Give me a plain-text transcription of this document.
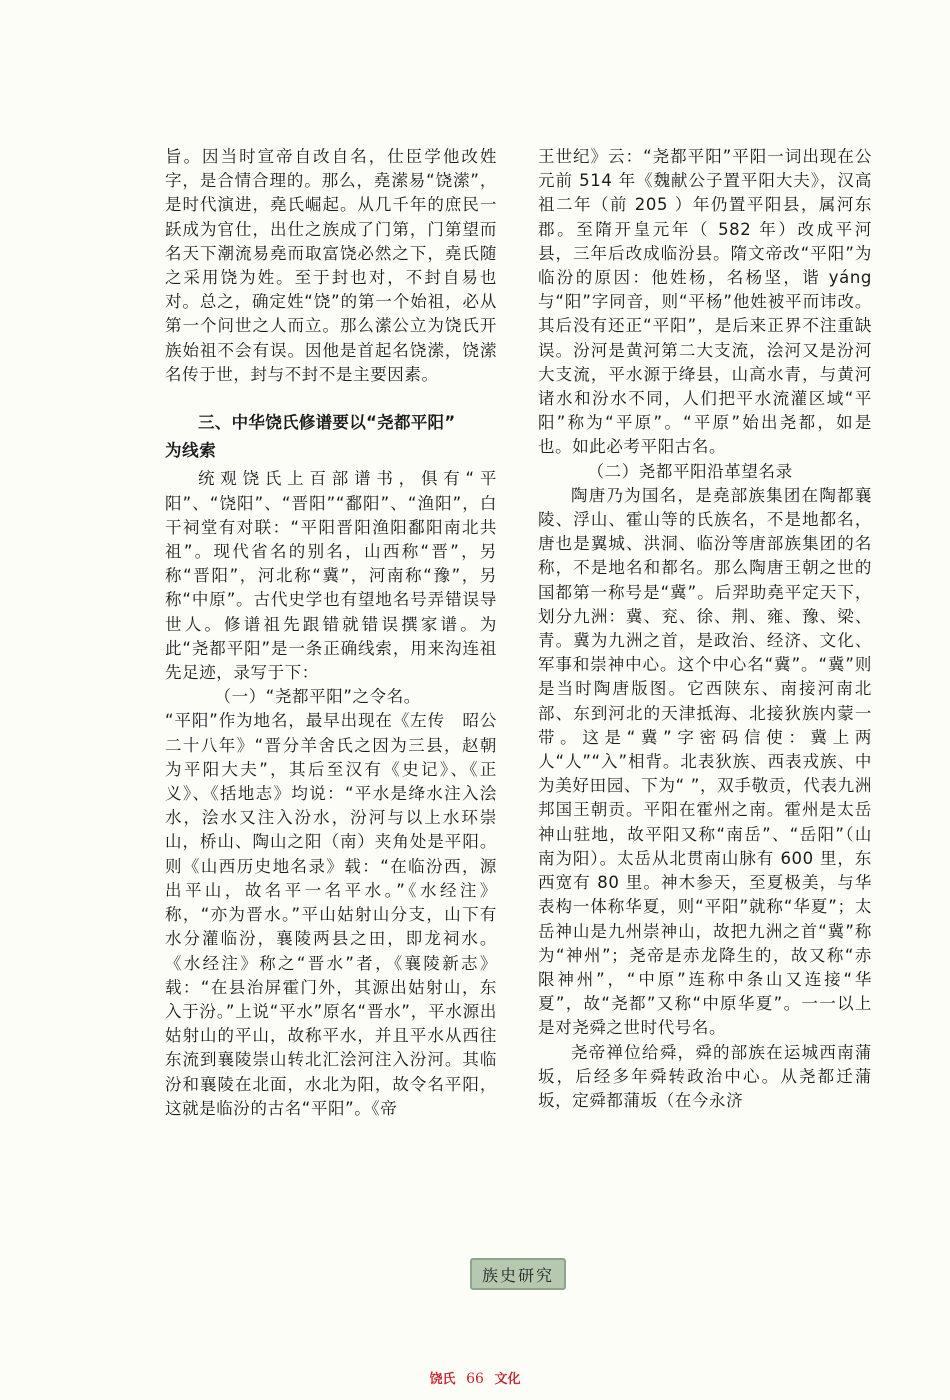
旨。因当时宣帝自改自名，仕臣学他改姓字，是合情合理的。那么，堯潆易“饶潆”，是时代演进，堯氏崛起。从几千年的庶民一跃成为官仕，出仕之族成了门第，门第望而名天下潮流易堯而取富饶必然之下，堯氏随之采用饶为姓。至于封也对，不封自易也对。总之，确定姓“饶”的第一个始祖，必从第一个问世之人而立。那么潆公立为饶氏开族始祖不会有误。因他是首起名饶潆，饶潆名传于世，封与不封不是主要因素。

三、中华饶氏修谱要以“尧都平阳”

为线索

统观饶氏上百部谱书，俱有“平阳”、“饶阳”、“晋阳”“鄱阳”、“渔阳”，白干祠堂有对联：“平阳晋阳渔阳鄱阳南北共祖”。现代省名的别名，山西称“晋”，另称“晋阳”，河北称“冀”，河南称“豫”，另称“中原”。古代史学也有望地名号弄错误导世人。修谱祖先跟错就错误撰家谱。为此“尧都平阳”是一条正确线索，用来沟连祖先足迹，录写于下：

（一）“尧都平阳”之令名。

“平阳”作为地名，最早出现在《左传　昭公二十八年》“晋分羊舍氏之因为三县，赵朝为平阳大夫”，其后至汉有《史记》、《正义》、《括地志》均说：“平水是绛水注入浍水，浍水又注入汾水，汾河与以上水环崇山，桥山、陶山之阳（南）夹角处是平阳。则《山西历史地名录》载：“在临汾西，源出平山，故名平一名平水。”《水经注》称，“亦为晋水。”平山姑射山分支，山下有水分灌临汾，襄陵两县之田，即龙祠水。《水经注》称之“晋水”者，《襄陵新志》载：“在县治屏霍门外，其源出姑射山，东入于汾。”上说“平水”原名“晋水”，平水源出姑射山的平山，故称平水，并且平水从西往东流到襄陵崇山转北汇浍河注入汾河。其临汾和襄陵在北面，水北为阳，故令名平阳，这就是临汾的古名“平阳”。《帝

王世纪》云：“尧都平阳”平阳一词出现在公元前 514 年《魏献公子置平阳大夫》，汉高祖二年（前 205 ）年仍置平阳县，属河东郡。至隋开皇元年（ 582 年）改成平河县，三年后改成临汾县。隋文帝改“平阳”为临汾的原因：他姓杨，名杨坚，谐 yáng 与“阳”字同音，则“平杨”他姓被平而讳改。其后没有还正“平阳”，是后来正界不注重缺误。汾河是黄河第二大支流，浍河又是汾河大支流，平水源于绛县，山高水青，与黄河诸水和汾水不同，人们把平水流灌区域“平阳”称为“平原”。“平原”始出尧都，如是也。如此必考平阳古名。

（二）尧都平阳沿革望名录

陶唐乃为国名，是堯部族集团在陶都襄陵、浮山、霍山等的氏族名，不是地都名，唐也是翼城、洪洞、临汾等唐部族集团的名称，不是地名和都名。那么陶唐王朝之世的国都第一称号是“冀”。后羿助堯平定天下，划分九洲：冀、兖、徐、荆、雍、豫、梁、青。冀为九洲之首，是政治、经济、文化、军事和崇神中心。这个中心名“冀”。“冀”则是当时陶唐版图。它西陕东、南接河南北部、东到河北的天津抵海、北接狄族内蒙一带。这是“冀”字密码信使：冀上两人“人”“入”相背。北表狄族、西表戎族、中为美好田园、下为“ ”，双手敬贡，代表九洲邦国王朝贡。平阳在霍州之南。霍州是太岳神山驻地，故平阳又称“南岳”、“岳阳”（山南为阳）。太岳从北贯南山脉有 600 里，东西宽有 80 里。神木参天，至夏极美，与华表构一体称华夏，则“平阳”就称“华夏”；太岳神山是九州崇神山，故把九洲之首“冀”称为“神州”；尧帝是赤龙降生的，故又称“赤限神州”，“中原”连称中条山又连接“华夏”，故“尧都”又称“中原华夏”。一一以上是对尧舜之世时代号名。

尧帝禅位给舜，舜的部族在运城西南蒲坂，后经多年舜转政治中心。从尧都迁蒲坂，定舜都蒲坂（在今永济

族史研究
饶氏 66 文化
